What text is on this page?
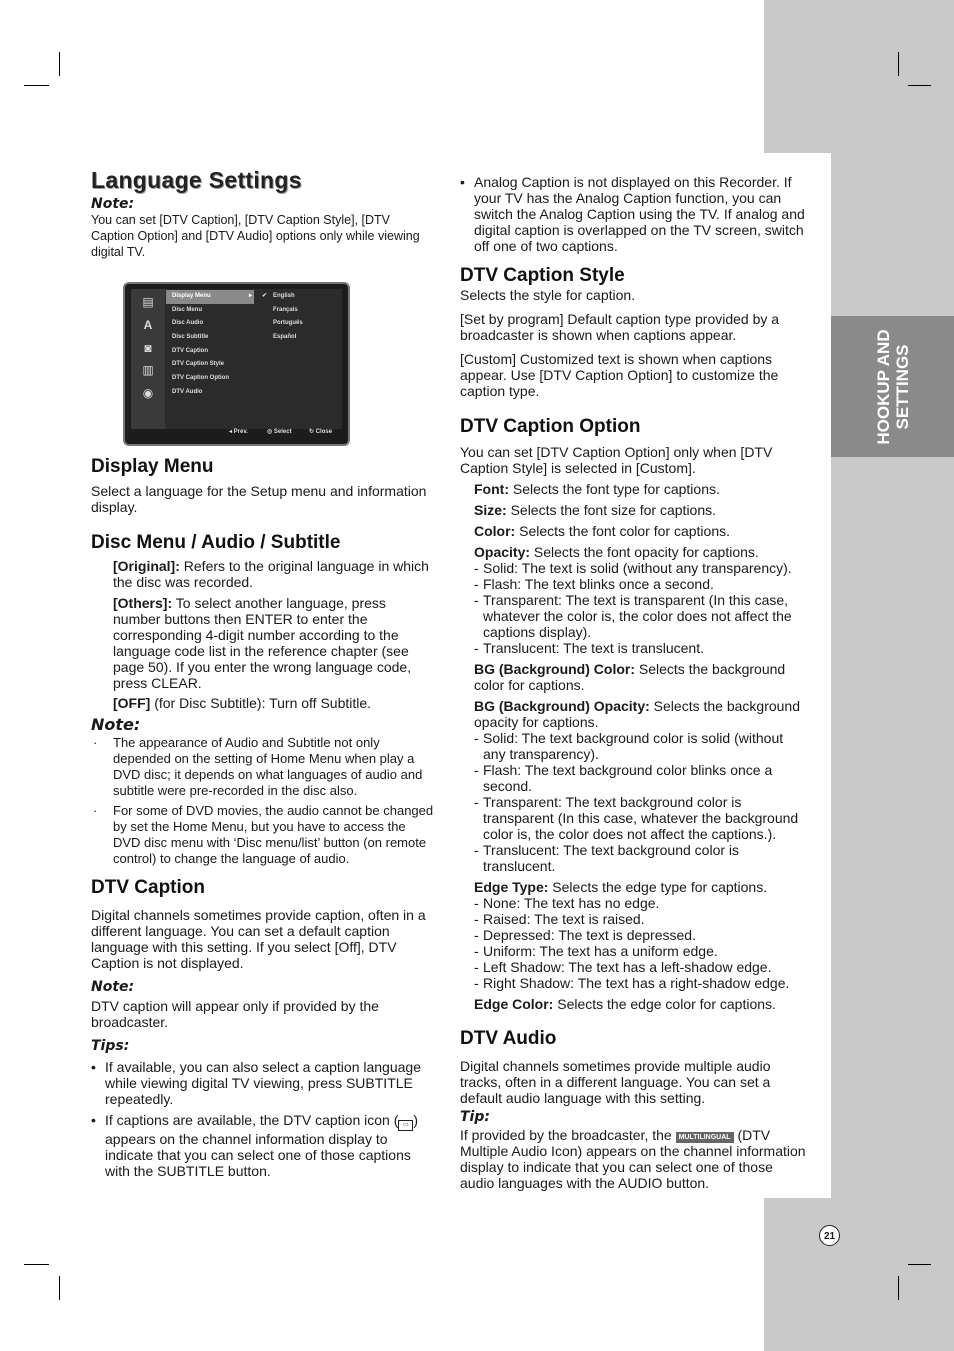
HOOKUP AND
SETTINGS
21
Language Settings

Note:

You can set [DTV Caption], [DTV Caption Style], [DTV Caption Option] and [DTV Audio] options only while viewing digital TV.

▤
A
◙
▥
◉
Display Menu	▸
Disc Menu
Disc Audio
Disc Subtitle
DTV Caption
DTV Caption Style
DTV Caption Option
DTV Audio
✔ English
Français
Português
Español
◂ Prev.	◎ Select	↻ Close
Display Menu

Select a language for the Setup menu and information display.

Disc Menu / Audio / Subtitle

[Original]: Refers to the original language in which the disc was recorded.

[Others]: To select another language, press number buttons then ENTER to enter the corresponding 4-digit number according to the language code list in the reference chapter (see page 50). If you enter the wrong language code, press CLEAR.

[OFF] (for Disc Subtitle): Turn off Subtitle.

Note:

· The appearance of Audio and Subtitle not only depended on the setting of Home Menu when play a DVD disc; it depends on what languages of audio and subtitle were pre-recorded in the disc also.

· For some of DVD movies, the audio cannot be changed by set the Home Menu, but you have to access the DVD disc menu with ‘Disc menu/list’ button (on remote control) to change the language of audio.

DTV Caption

Digital channels sometimes provide caption, often in a different language. You can set a default caption language with this setting. If you select [Off], DTV Caption is not displayed.

Note:

DTV caption will appear only if provided by the broadcaster.

Tips:

• If available, you can also select a caption language while viewing digital TV viewing, press SUBTITLE repeatedly.

• If captions are available, the DTV caption icon ( ▭ ) appears on the channel information display to indicate that you can select one of those captions with the SUBTITLE button.

• Analog Caption is not displayed on this Recorder. If your TV has the Analog Caption function, you can switch the Analog Caption using the TV. If analog and digital caption is overlapped on the TV screen, switch off one of two captions.

DTV Caption Style

Selects the style for caption.

[Set by program] Default caption type provided by a broadcaster is shown when captions appear.

[Custom] Customized text is shown when captions appear. Use [DTV Caption Option] to customize the caption type.

DTV Caption Option

You can set [DTV Caption Option] only when [DTV Caption Style] is selected in [Custom].

Font: Selects the font type for captions.

Size: Selects the font size for captions.

Color: Selects the font color for captions.

Opacity: Selects the font opacity for captions.

- Solid: The text is solid (without any transparency).

- Flash: The text blinks once a second.

- Transparent: The text is transparent (In this case, whatever the color is, the color does not affect the captions display).

- Translucent: The text is translucent.

BG (Background) Color: Selects the background color for captions.

BG (Background) Opacity: Selects the background opacity for captions.

- Solid: The text background color is solid (without any transparency).

- Flash: The text background color blinks once a second.

- Transparent: The text background color is transparent (In this case, whatever the background color is, the color does not affect the captions.).

- Translucent: The text background color is translucent.

Edge Type: Selects the edge type for captions.

- None: The text has no edge.

- Raised: The text is raised.

- Depressed: The text is depressed.

- Uniform: The text has a uniform edge.

- Left Shadow: The text has a left-shadow edge.

- Right Shadow: The text has a right-shadow edge.

Edge Color: Selects the edge color for captions.

DTV Audio

Digital channels sometimes provide multiple audio tracks, often in a different language. You can set a default audio language with this setting.

Tip:

If provided by the broadcaster, the MULTILINGUAL (DTV Multiple Audio Icon) appears on the channel information display to indicate that you can select one of those audio languages with the AUDIO button.
